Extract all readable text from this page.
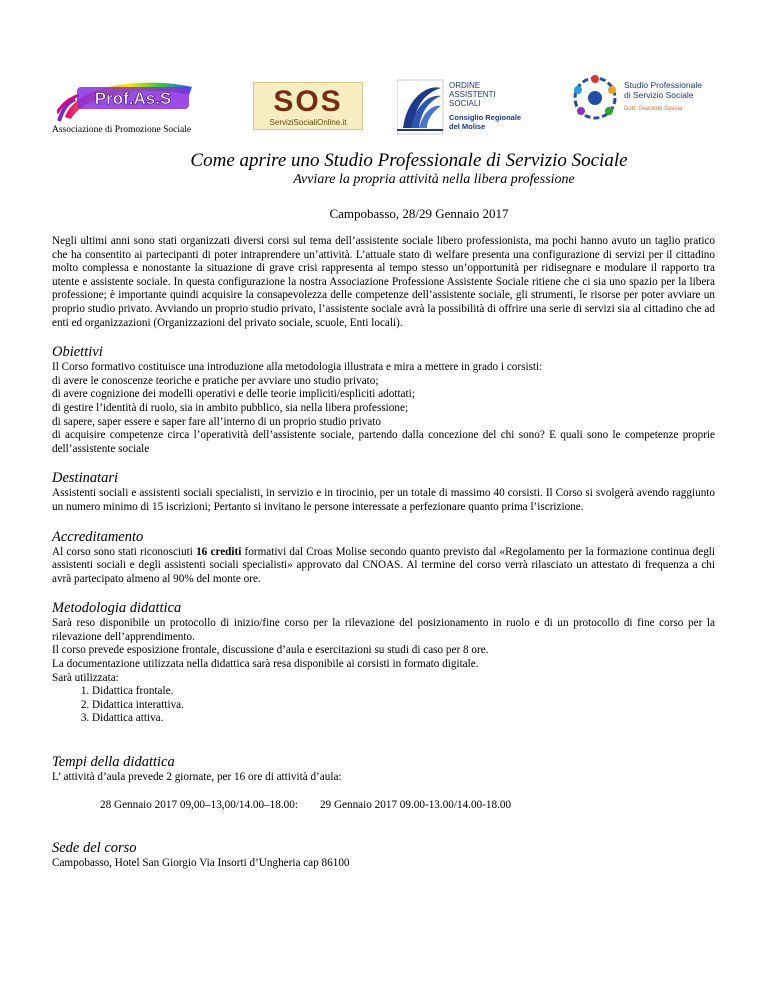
Prof.As.S
Associazione di Promozione Sociale
SOS
ServiziSocialiOnline.it
ORDINE
ASSISTENTI
SOCIALI
Consiglio Regionale
del Molise
Studio Professionale
di Servizio Sociale
Dott. Giacomo Savoia
Come aprire uno Studio Professionale di Servizio Sociale
Avviare la propria attività nella libera professione
Campobasso, 28/29 Gennaio 2017

Negli ultimi anni sono stati organizzati diversi corsi sul tema dell’assistente sociale libero professionista, ma pochi hanno avuto un taglio pratico che ha consentito ai partecipanti di poter intraprendere un’attività. L’attuale stato di welfare presenta una configurazione di servizi per il cittadino molto complessa e nonostante la situazione di grave crisi rappresenta al tempo stesso un’opportunità per ridisegnare e modulare il rapporto tra utente e assistente sociale. In questa configurazione la nostra Associazione Professione Assistente Sociale ritiene che ci sia uno spazio per la libera professione; è importante quindi acquisire la consapevolezza delle competenze dell’assistente sociale, gli strumenti, le risorse per poter avviare un proprio studio privato. Avviando un proprio studio privato, l’assistente sociale avrà la possibilità di offrire una serie di servizi sia al cittadino che ad enti ed organizzazioni (Organizzazioni del privato sociale, scuole, Enti locali).

Obiettivi

Il Corso formativo costituisce una introduzione alla metodologia illustrata e mira a mettere in grado i corsisti:

di avere le conoscenze teoriche e pratiche per avviare uno studio privato;

di avere cognizione dei modelli operativi e delle teorie impliciti/espliciti adottati;

di gestire l’identità di ruolo, sia in ambito pubblico, sia nella libera professione;

di sapere, saper essere e saper fare all’interno di un proprio studio privato

di acquisire competenze circa l’operatività dell’assistente sociale, partendo dalla concezione del chi sono? E quali sono le competenze proprie dell’assistente sociale

Destinatari

Assistenti sociali e assistenti sociali specialisti, in servizio e in tirocinio, per un totale di massimo 40 corsisti. Il Corso si svolgerà avendo raggiunto un numero minimo di 15 iscrizioni; Pertanto si invitano le persone interessate a perfezionare quanto prima l’iscrizione.

Accreditamento

Al corso sono stati riconosciuti 16 crediti formativi dal Croas Molise secondo quanto previsto dal «Regolamento per la formazione continua degli assistenti sociali e degli assistenti sociali specialisti» approvato dal CNOAS. Al termine del corso verrà rilasciato un attestato di frequenza a chi avrà partecipato almeno al 90% del monte ore.

Metodologia didattica

Sarà reso disponibile un protocollo di inizio/fine corso per la rilevazione del posizionamento in ruolo e di un protocollo di fine corso per la rilevazione dell’apprendimento.

Il corso prevede esposizione frontale, discussione d’aula e esercitazioni su studi di caso per 8 ore.

La documentazione utilizzata nella didattica sarà resa disponibile ai corsisti in formato digitale.

Sarà utilizzata:

1. Didattica frontale.
2. Didattica interattiva.
3. Didattica attiva.

Tempi della didattica

L’ attività d’aula prevede 2 giornate, per 16 ore di attività d’aula:

28 Gennaio 2017 09,00–13,00/14.00–18.00: 29 Gennaio 2017 09.00-13.00/14.00-18.00

Sede del corso

Campobasso, Hotel San Giorgio Via Insorti d’Ungheria cap 86100
